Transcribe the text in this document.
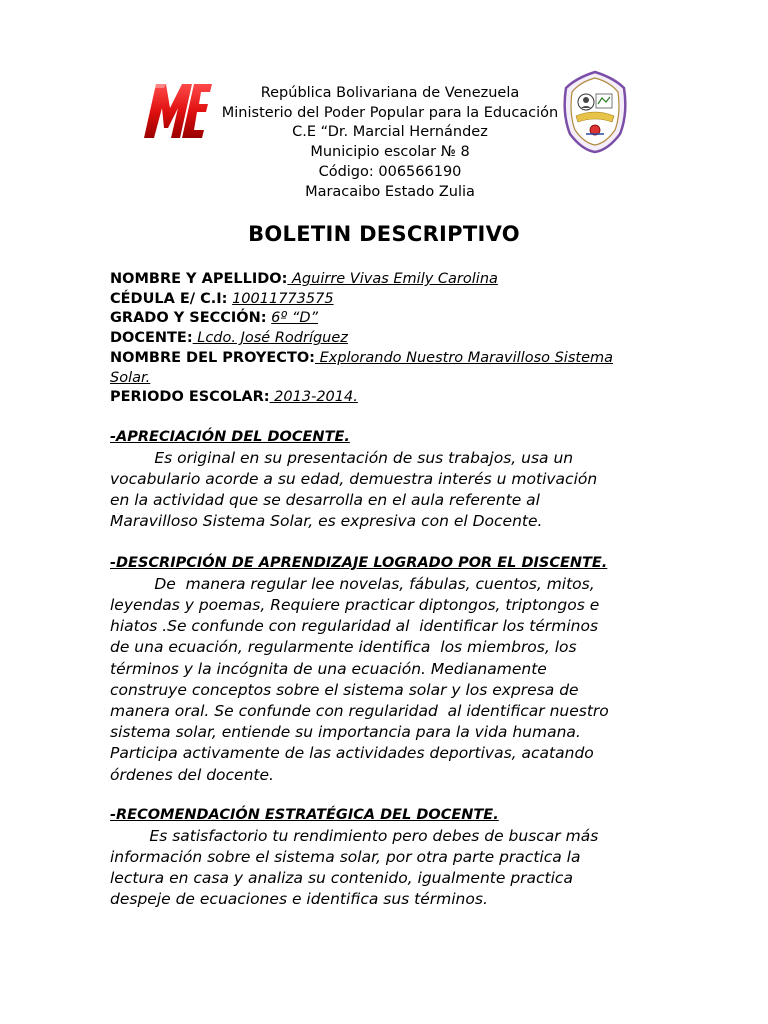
República Bolivariana de Venezuela
Ministerio del Poder Popular para la Educación
C.E “Dr. Marcial Hernández
Municipio escolar № 8
Código: 006566190
Maracaibo Estado Zulia
BOLETIN DESCRIPTIVO
NOMBRE Y APELLIDO: Aguirre Vivas Emily Carolina
CÉDULA E/ C.I: 10011773575
GRADO Y SECCIÓN: 6º “D”
DOCENTE: Lcdo. José Rodríguez
NOMBRE DEL PROYECTO: Explorando Nuestro Maravilloso Sistema
Solar.
PERIODO ESCOLAR: 2013-2014.
-APRECIACIÓN DEL DOCENTE.
Es original en su presentación de sus trabajos, usa un
vocabulario acorde a su edad, demuestra interés u motivación
en la actividad que se desarrolla en el aula referente al
Maravilloso Sistema Solar, es expresiva con el Docente.
-DESCRIPCIÓN DE APRENDIZAJE LOGRADO POR EL DISCENTE.
De  manera regular lee novelas, fábulas, cuentos, mitos,
leyendas y poemas, Requiere practicar diptongos, triptongos e
hiatos .Se confunde con regularidad al  identificar los términos
de una ecuación, regularmente identifica  los miembros, los
términos y la incógnita de una ecuación. Medianamente
construye conceptos sobre el sistema solar y los expresa de
manera oral. Se confunde con regularidad  al identificar nuestro
sistema solar, entiende su importancia para la vida humana.
Participa activamente de las actividades deportivas, acatando
órdenes del docente.
-RECOMENDACIÓN ESTRATÉGICA DEL DOCENTE.
Es satisfactorio tu rendimiento pero debes de buscar más
información sobre el sistema solar, por otra parte practica la
lectura en casa y analiza su contenido, igualmente practica
despeje de ecuaciones e identifica sus términos.
